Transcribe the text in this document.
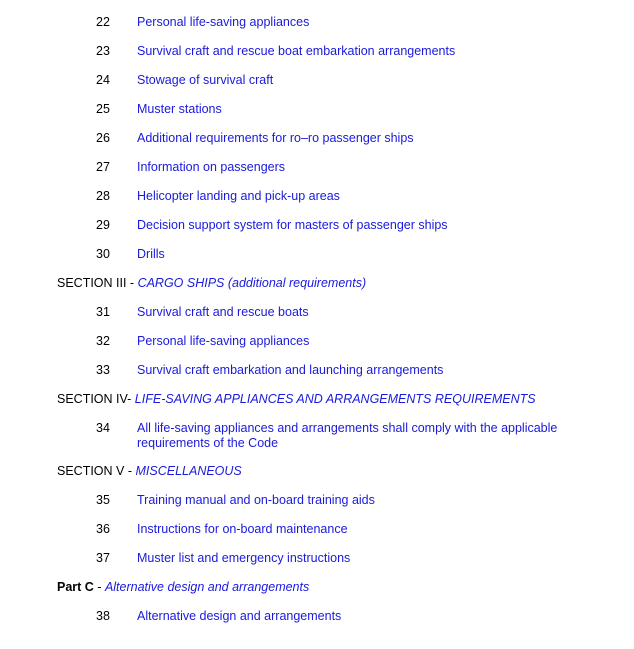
22 Personal life-saving appliances
23 Survival craft and rescue boat embarkation arrangements
24 Stowage of survival craft
25 Muster stations
26 Additional requirements for ro–ro passenger ships
27 Information on passengers
28 Helicopter landing and pick-up areas
29 Decision support system for masters of passenger ships
30 Drills
SECTION III - CARGO SHIPS (additional requirements)
31 Survival craft and rescue boats
32 Personal life-saving appliances
33 Survival craft embarkation and launching arrangements
SECTION IV- LIFE-SAVING APPLIANCES AND ARRANGEMENTS REQUIREMENTS
34 All life-saving appliances and arrangements shall comply with the applicable
requirements of the Code
SECTION V - MISCELLANEOUS
35 Training manual and on-board training aids
36 Instructions for on-board maintenance
37 Muster list and emergency instructions
Part C - Alternative design and arrangements
38 Alternative design and arrangements
